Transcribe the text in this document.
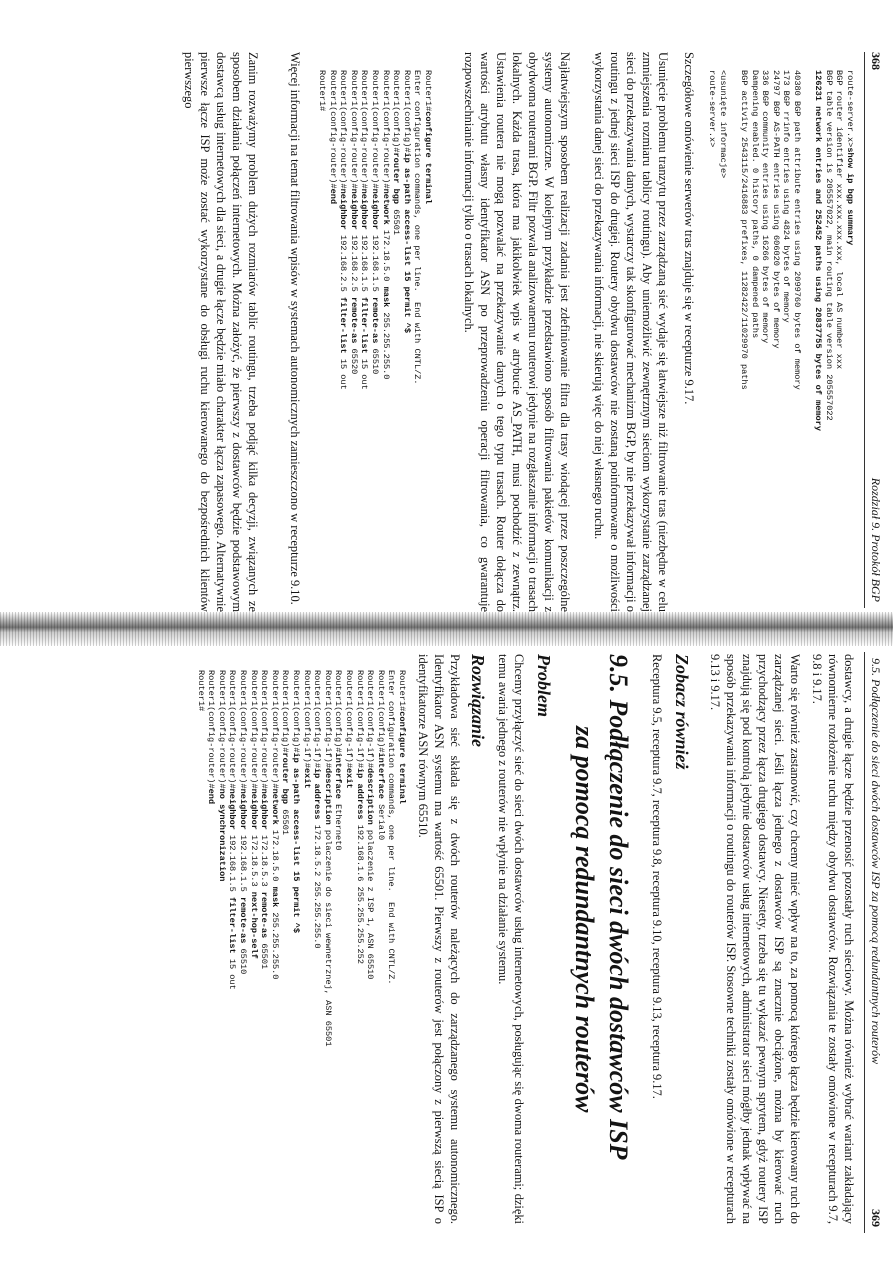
368
Rozdział 9. Protokół BGP
route-server.x>show ip bgp summary
BGP router identifier xxx.xxx.xxx.xxx, local AS number xxx
BGP table version is 205557022, main routing table version 205557022
126231 network entries and 252452 paths using 20837755 bytes of memory

40380 BGP path attribute entries using 2099760 bytes of memory
173 BGP rrinfo entries using 4824 bytes of memory
24797 BGP AS-PATH entries using 606020 bytes of memory
336 BGP community entries using 16266 bytes of memory
Dampening enabled. 0 history paths, 0 dampened paths
BGP activity 2543115/2416883 prefixes, 11282422/11029970 paths

<usunięte informacje>
route-server.x>

Szczegółowe omówienie serwerów tras znajduje się w recepturze 9.17.

Usunięcie problemu tranzytu przez zarządzaną sieć wydaje się łatwiejsze niż filtrowanie tras (niezbędne w celu zmniejszenia rozmiaru tablicy routingu). Aby uniemożliwić zewnętrznym sieciom wykorzystanie zarządzanej sieci do przekazywania danych, wystarczy tak skonfigurować mechanizm BGP, by nie przekazywał informacji o routingu z jednej sieci ISP do drugiej. Routery obydwu dostawców nie zostaną poinformowane o możliwości wykorzystania danej sieci do przekazywania informacji, nie skierują więc do niej własnego ruchu.

Najłatwiejszym sposobem realizacji zadania jest zdefiniowanie filtra dla trasy wiodącej przez poszczególne systemy autonomiczne. W kolejnym przykładzie przedstawiono sposób filtrowania pakietów komunikacji z obydwoma routerami BGP. Filtr pozwala analizowanemu routerowi jedynie na rozgłaszanie informacji o trasach lokalnych. Każda trasa, która ma jakikolwiek wpis w atrybucie AS_PATH, musi pochodzić z zewnątrz. Ustawienia routera nie mogą pozwalać na przekazywanie danych o tego typu trasach. Router dołącza do wartości atrybutu własny identyfikator ASN po przeprowadzeniu operacji filtrowania, co gwarantuje rozpowszechnianie informacji tylko o trasach lokalnych.

Router1#configure terminal
Enter configuration commands, one per line.  End with CNTL/Z.
Router1(config)#ip as-path access-list 15 permit ^$
Router1(config)#router bgp 65501
Router1(config-router)#network 172.18.5.0 mask 255.255.255.0
Router1(config-router)#neighbor 192.168.1.5 remote-as 65510
Router1(config-router)#neighbor 192.168.1.5 filter-list 15 out
Router1(config-router)#neighbor 192.168.2.5 remote-as 65520
Router1(config-router)#neighbor 192.168.2.5 filter-list 15 out
Router1(config-router)#end
Router1#

Więcej informacji na temat filtrowania wpisów w systemach autonomicznych zamieszczono w recepturze 9.10.

Zanim rozważymy problem dużych rozmiarów tablic routingu, trzeba podjąć kilka decyzji, związanych ze sposobem działania połączeń internetowych. Można założyć, że pierwszy z dostawców będzie podstawowym dostawcą usług internetowych dla sieci, a drugie łącze będzie miało charakter łącza zapasowego. Alternatywnie pierwsze łącze ISP może zostać wykorzystane do obsługi ruchu kierowanego do bezpośrednich klientów pierwszego

9.5. Podłączenie do sieci dwóch dostawców ISP za pomocą redundantnych routerów
369

dostawcy, a drugie łącze będzie przenosić pozostały ruch sieciowy. Można również wybrać wariant zakładający równomierne rozłożenie ruchu między obydwu dostawców. Rozwiązania te zostały omówione w recepturach 9.7, 9.8 i 9.17.

Warto się również zastanowić, czy chcemy mieć wpływ na to, za pomocą którego łącza będzie kierowany ruch do zarządzanej sieci. Jeśli łącza jednego z dostawców ISP są znacznie obciążone, można by kierować ruch przychodzący przez łącza drugiego dostawcy. Niestety, trzeba się tu wykazać pewnym sprytem, gdyż routery ISP znajdują się pod kontrolą jedynie dostawców usług internetowych, administrator sieci mógłby jednak wpływać na sposób przekazywania informacji o routingu do routerów ISP. Stosowne techniki zostały omówione w recepturach 9.13 i 9.17.

Zobacz również

Receptura 9.5, receptura 9.7, receptura 9.8, receptura 9.10, receptura 9.13, receptura 9.17.

9.5. Podłączenie do sieci dwóch dostawców ISP
za pomocą redundantnych routerów
Problem

Chcemy przyłączyć sieć do sieci dwóch dostawców usług internetowych, posługując się dwoma routerami; dzięki temu awaria jednego z routerów nie wpłynie na działanie systemu.

Rozwiązanie

Przykładowa sieć składa się z dwóch routerów należących do zarządzanego systemu autonomicznego. Identyfikator ASN systemu ma wartość 65501. Pierwszy z routerów jest połączony z pierwszą siecią ISP o identyfikatorze ASN równym 65510.

Router1#configure terminal
Enter configuration commands, one per line.  End with CNTL/Z.
Router1(config)#interface Serial0
Router1(config-if)#description polaczenie z ISP 1, ASN 65510
Router1(config-if)#ip address 192.168.1.6 255.255.255.252
Router1(config-if)#exit
Router1(config)#interface Ethernet0
Router1(config-if)#description polaczenie do sieci wewnetrznej, ASN 65501
Router1(config-if)#ip address 172.18.5.2 255.255.255.0
Router1(config-if)#exit
Router1(config)#ip as-path access-list 15 permit ^$
Router1(config)#router bgp 65501
Router1(config-router)#network 172.18.5.0 mask 255.255.255.0
Router1(config-router)#neighbor 172.18.5.3 remote-as 65501
Router1(config-router)#neighbor 172.18.5.3 next-hop-self
Router1(config-router)#neighbor 192.168.1.5 remote-as 65510
Router1(config-router)#neighbor 192.168.1.5 filter-list 15 out
Router1(config-router)#no synchronization
Router1(config-router)#end
Router1#
